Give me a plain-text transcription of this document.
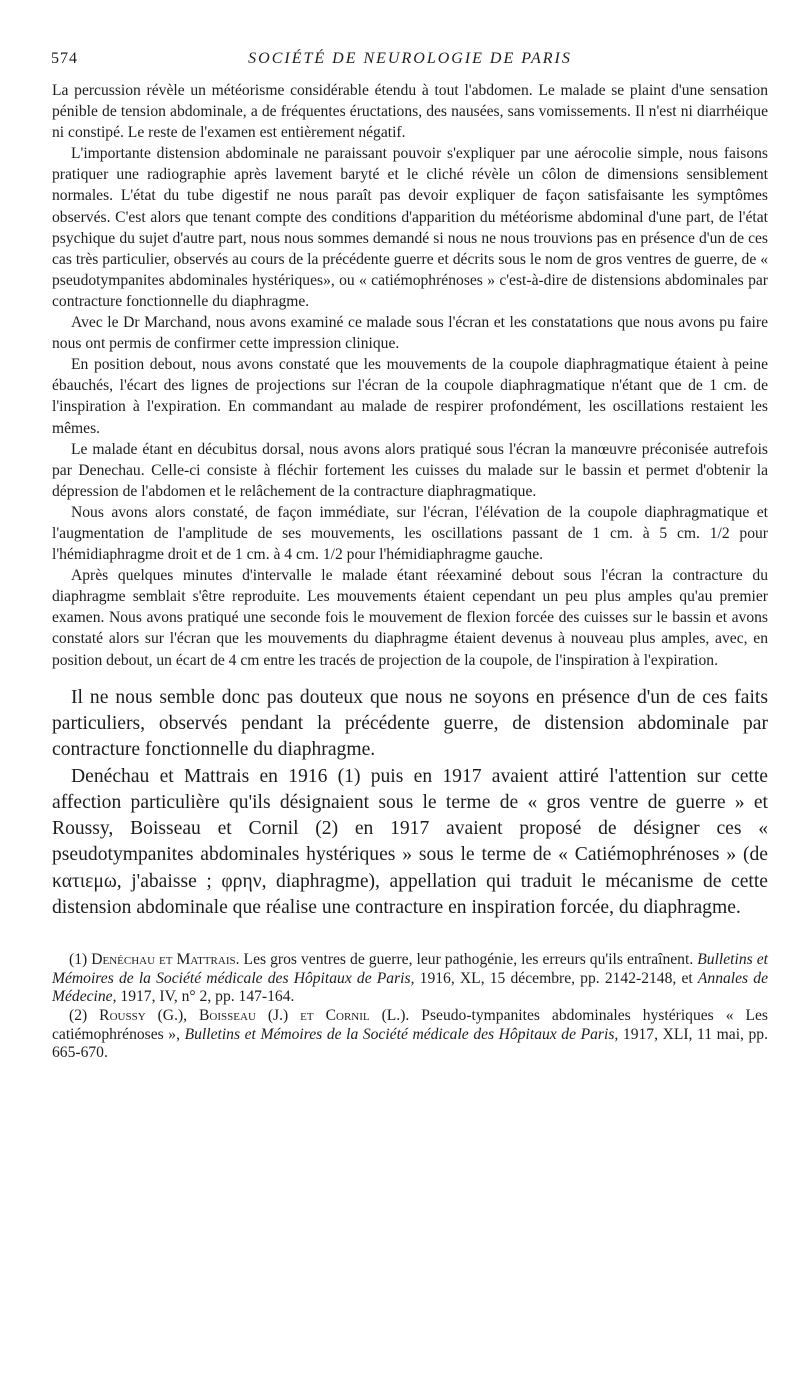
574	SOCIÉTÉ DE NEUROLOGIE DE PARIS

La percussion révèle un météorisme considérable étendu à tout l'abdomen. Le malade se plaint d'une sensation pénible de tension abdominale, a de fréquentes éructations, des nausées, sans vomissements. Il n'est ni diarrhéique ni constipé. Le reste de l'examen est entièrement négatif.

L'importante distension abdominale ne paraissant pouvoir s'expliquer par une aérocolie simple, nous faisons pratiquer une radiographie après lavement baryté et le cliché révèle un côlon de dimensions sensiblement normales. L'état du tube digestif ne nous paraît pas devoir expliquer de façon satisfaisante les symptômes observés. C'est alors que tenant compte des conditions d'apparition du météorisme abdominal d'une part, de l'état psychique du sujet d'autre part, nous nous sommes demandé si nous ne nous trouvions pas en présence d'un de ces cas très particulier, observés au cours de la précédente guerre et décrits sous le nom de gros ventres de guerre, de « pseudotympanites abdominales hystériques», ou « catiémophrénoses » c'est-à-dire de distensions abdominales par contracture fonctionnelle du diaphragme.

Avec le Dr Marchand, nous avons examiné ce malade sous l'écran et les constatations que nous avons pu faire nous ont permis de confirmer cette impression clinique.

En position debout, nous avons constaté que les mouvements de la coupole diaphragmatique étaient à peine ébauchés, l'écart des lignes de projections sur l'écran de la coupole diaphragmatique n'étant que de 1 cm. de l'inspiration à l'expiration. En commandant au malade de respirer profondément, les oscillations restaient les mêmes.

Le malade étant en décubitus dorsal, nous avons alors pratiqué sous l'écran la manœuvre préconisée autrefois par Denechau. Celle-ci consiste à fléchir fortement les cuisses du malade sur le bassin et permet d'obtenir la dépression de l'abdomen et le relâchement de la contracture diaphragmatique.

Nous avons alors constaté, de façon immédiate, sur l'écran, l'élévation de la coupole diaphragmatique et l'augmentation de l'amplitude de ses mouvements, les oscillations passant de 1 cm. à 5 cm. 1/2 pour l'hémidiaphragme droit et de 1 cm. à 4 cm. 1/2 pour l'hémidiaphragme gauche.

Après quelques minutes d'intervalle le malade étant réexaminé debout sous l'écran la contracture du diaphragme semblait s'être reproduite. Les mouvements étaient cependant un peu plus amples qu'au premier examen. Nous avons pratiqué une seconde fois le mouvement de flexion forcée des cuisses sur le bassin et avons constaté alors sur l'écran que les mouvements du diaphragme étaient devenus à nouveau plus amples, avec, en position debout, un écart de 4 cm entre les tracés de projection de la coupole, de l'inspiration à l'expiration.

Il ne nous semble donc pas douteux que nous ne soyons en présence d'un de ces faits particuliers, observés pendant la précédente guerre, de distension abdominale par contracture fonctionnelle du diaphragme.

Denéchau et Mattrais en 1916 (1) puis en 1917 avaient attiré l'attention sur cette affection particulière qu'ils désignaient sous le terme de « gros ventre de guerre » et Roussy, Boisseau et Cornil (2) en 1917 avaient proposé de désigner ces « pseudotympanites abdominales hystériques » sous le terme de « Catiémophrénoses » (de κατιεμω, j'abaisse ; φρην, diaphragme), appellation qui traduit le mécanisme de cette distension abdominale que réalise une contracture en inspiration forcée, du diaphragme.

(1) Denéchau et Mattrais. Les gros ventres de guerre, leur pathogénie, les erreurs qu'ils entraînent. Bulletins et Mémoires de la Société médicale des Hôpitaux de Paris, 1916, XL, 15 décembre, pp. 2142-2148, et Annales de Médecine, 1917, IV, n° 2, pp. 147-164.

(2) Roussy (G.), Boisseau (J.) et Cornil (L.). Pseudo-tympanites abdominales hystériques « Les catiémophrénoses », Bulletins et Mémoires de la Société médicale des Hôpitaux de Paris, 1917, XLI, 11 mai, pp. 665-670.
